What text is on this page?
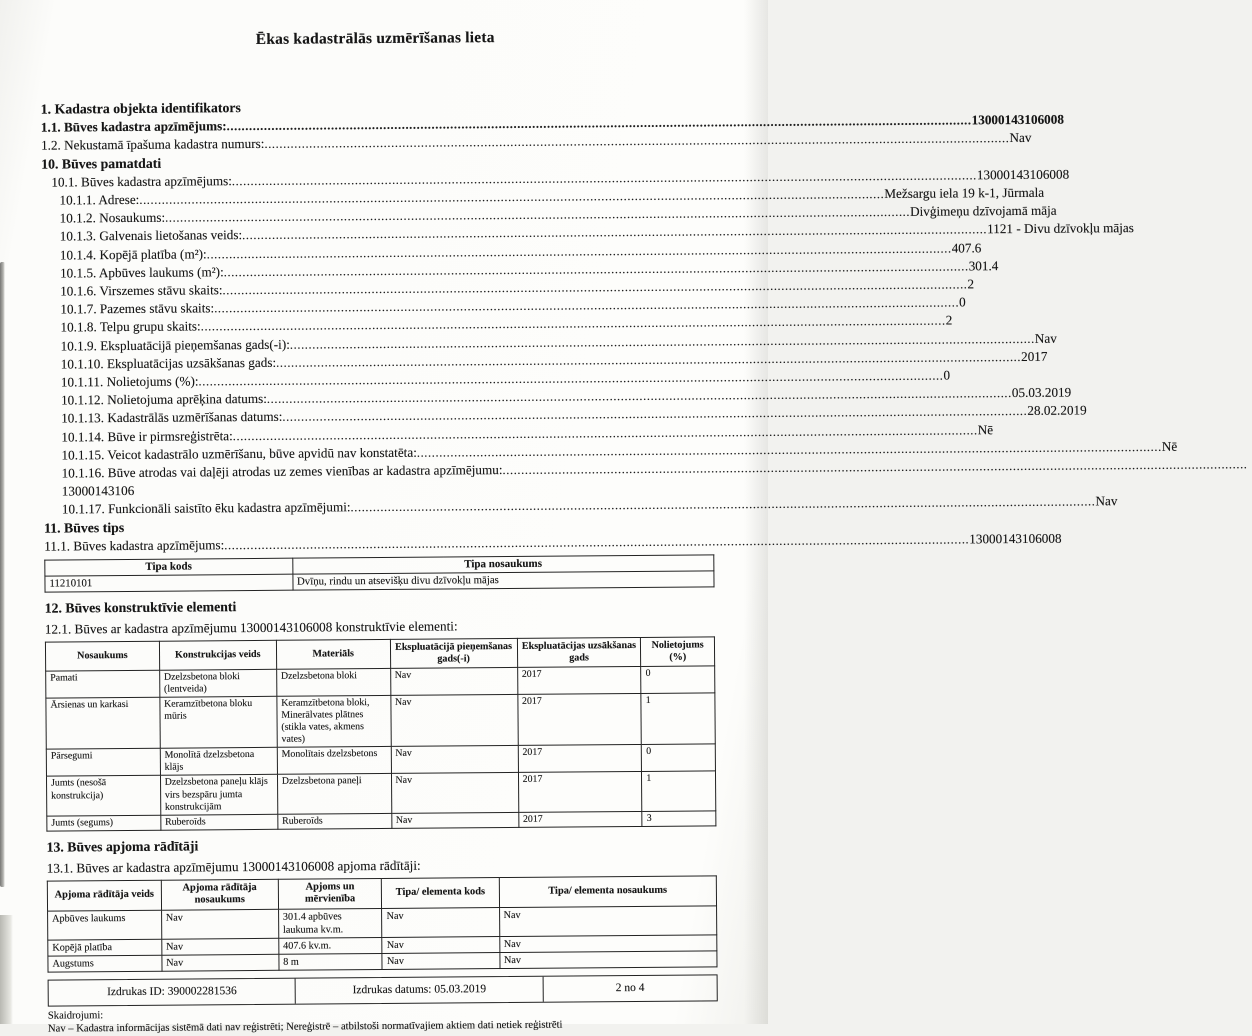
Ēkas kadastrālās uzmērīšanas lieta
1. Kadastra objekta identifikators
1.1. Būves kadastra apzīmējums: .....	13000143106008
1.2. Nekustamā īpašuma kadastra numurs: .....	Nav
10. Būves pamatdati
10.1. Būves kadastra apzīmējums: .....	13000143106008
10.1.1. Adrese: .....	Mežsargu iela 19 k-1, Jūrmala
10.1.2. Nosaukums: .....	Divģimeņu dzīvojamā māja
10.1.3. Galvenais lietošanas veids: .....	1121 - Divu dzīvokļu mājas
10.1.4. Kopējā platība (m²): .....	407.6
10.1.5. Apbūves laukums (m²): .....	301.4
10.1.6. Virszemes stāvu skaits: .....	2
10.1.7. Pazemes stāvu skaits: .....	0
10.1.8. Telpu grupu skaits: .....	2
10.1.9. Ekspluatācijā pieņemšanas gads(-i): .....	Nav
10.1.10. Ekspluatācijas uzsākšanas gads: .....	2017
10.1.11. Nolietojums (%): .....	0
10.1.12. Nolietojuma aprēķina datums: .....	05.03.2019
10.1.13. Kadastrālās uzmērīšanas datums: .....	28.02.2019
10.1.14. Būve ir pirmsreģistrēta: .....	Nē
10.1.15. Veicot kadastrālo uzmērīšanu, būve apvidū nav konstatēta: .....	Nē
10.1.16. Būve atrodas vai daļēji atrodas uz zemes vienības ar kadastra apzīmējumu:
.....
13000143106
10.1.17. Funkcionāli saistīto ēku kadastra apzīmējumi: .....	Nav
11. Būves tips
11.1. Būves kadastra apzīmējums: .....	13000143106008
Tipa kods	Tipa nosaukums
11210101	Dvīņu, rindu un atsevišķu divu dzīvokļu mājas
12. Būves konstruktīvie elementi
12.1. Būves ar kadastra apzīmējumu 13000143106008 konstruktīvie elementi:
Nosaukums	Konstrukcijas veids	Materiāls	Ekspluatācijā pieņemšanas gads(-i)	Ekspluatācijas uzsākšanas gads	Nolietojums (%)
Pamati	Dzelzsbetona bloki (lentveida)	Dzelzsbetona bloki	Nav	2017	0
Ārsienas un karkasi	Keramzītbetona bloku mūris	Keramzītbetona bloki, Minerālvates plātnes (stikla vates, akmens vates)	Nav	2017	1
Pārsegumi	Monolītā dzelzsbetona klājs	Monolītais dzelzsbetons	Nav	2017	0
Jumts (nesošā konstrukcija)	Dzelzsbetona paneļu klājs virs bezspāru jumta konstrukcijām	Dzelzsbetona paneļi	Nav	2017	1
Jumts (segums)	Ruberoīds	Ruberoīds	Nav	2017	3
13. Būves apjoma rādītāji
13.1. Būves ar kadastra apzīmējumu 13000143106008 apjoma rādītāji:
Apjoma rādītāja veids	Apjoma rādītāja nosaukums	Apjoms un mērvienība	Tipa/ elementa kods	Tipa/ elementa nosaukums
Apbūves laukums	Nav	301.4 apbūves laukuma kv.m.	Nav	Nav
Kopējā platība	Nav	407.6 kv.m.	Nav	Nav
Augstums	Nav	8 m	Nav	Nav
Izdrukas ID: 390002281536	Izdrukas datums: 05.03.2019	2 no 4
Skaidrojumi:
Nav – Kadastra informācijas sistēmā dati nav reģistrēti; Nereģistrē – atbilstoši normatīvajiem aktiem dati netiek reģistrēti
